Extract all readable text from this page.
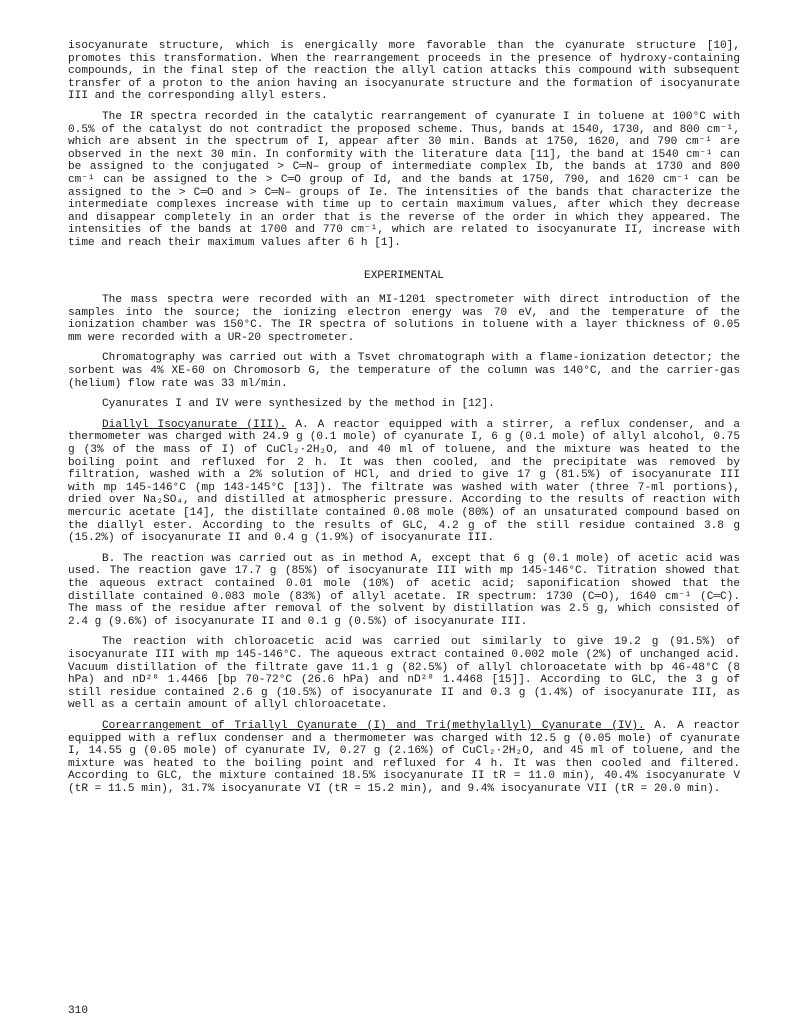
isocyanurate structure, which is energically more favorable than the cyanurate structure [10], promotes this transformation. When the rearrangement proceeds in the presence of hydroxy-containing compounds, in the final step of the reaction the allyl cation attacks this compound with subsequent transfer of a proton to the anion having an isocyanurate structure and the formation of isocyanurate III and the corresponding allyl esters.

The IR spectra recorded in the catalytic rearrangement of cyanurate I in toluene at 100°C with 0.5% of the catalyst do not contradict the proposed scheme. Thus, bands at 1540, 1730, and 800 cm⁻¹, which are absent in the spectrum of I, appear after 30 min. Bands at 1750, 1620, and 790 cm⁻¹ are observed in the next 30 min. In conformity with the literature data [11], the band at 1540 cm⁻¹ can be assigned to the conjugated > C═N– group of intermediate complex Ib, the bands at 1730 and 800 cm⁻¹ can be assigned to the > C═O group of Id, and the bands at 1750, 790, and 1620 cm⁻¹ can be assigned to the > C═O and > C═N– groups of Ie. The intensities of the bands that characterize the intermediate complexes increase with time up to certain maximum values, after which they decrease and disappear completely in an order that is the reverse of the order in which they appeared. The intensities of the bands at 1700 and 770 cm⁻¹, which are related to isocyanurate II, increase with time and reach their maximum values after 6 h [1].

EXPERIMENTAL

The mass spectra were recorded with an MI-1201 spectrometer with direct introduction of the samples into the source; the ionizing electron energy was 70 eV, and the temperature of the ionization chamber was 150°C. The IR spectra of solutions in toluene with a layer thickness of 0.05 mm were recorded with a UR-20 spectrometer.

Chromatography was carried out with a Tsvet chromatograph with a flame-ionization detector; the sorbent was 4% XE-60 on Chromosorb G, the temperature of the column was 140°C, and the carrier-gas (helium) flow rate was 33 ml/min.

Cyanurates I and IV were synthesized by the method in [12].

Diallyl Isocyanurate (III). A. A reactor equipped with a stirrer, a reflux condenser, and a thermometer was charged with 24.9 g (0.1 mole) of cyanurate I, 6 g (0.1 mole) of allyl alcohol, 0.75 g (3% of the mass of I) of CuCl₂·2H₂O, and 40 ml of toluene, and the mixture was heated to the boiling point and refluxed for 2 h. It was then cooled, and the precipitate was removed by filtration, washed with a 2% solution of HCl, and dried to give 17 g (81.5%) of isocyanurate III with mp 145-146°C (mp 143-145°C [13]). The filtrate was washed with water (three 7-ml portions), dried over Na₂SO₄, and distilled at atmospheric pressure. According to the results of reaction with mercuric acetate [14], the distillate contained 0.08 mole (80%) of an unsaturated compound based on the diallyl ester. According to the results of GLC, 4.2 g of the still residue contained 3.8 g (15.2%) of isocyanurate II and 0.4 g (1.9%) of isocyanurate III.

B. The reaction was carried out as in method A, except that 6 g (0.1 mole) of acetic acid was used. The reaction gave 17.7 g (85%) of isocyanurate III with mp 145-146°C. Titration showed that the aqueous extract contained 0.01 mole (10%) of acetic acid; saponification showed that the distillate contained 0.083 mole (83%) of allyl acetate. IR spectrum: 1730 (C═O), 1640 cm⁻¹ (C═C). The mass of the residue after removal of the solvent by distillation was 2.5 g, which consisted of 2.4 g (9.6%) of isocyanurate II and 0.1 g (0.5%) of isocyanurate III.

The reaction with chloroacetic acid was carried out similarly to give 19.2 g (91.5%) of isocyanurate III with mp 145-146°C. The aqueous extract contained 0.002 mole (2%) of unchanged acid. Vacuum distillation of the filtrate gave 11.1 g (82.5%) of allyl chloroacetate with bp 46-48°C (8 hPa) and nD²⁰ 1.4466 [bp 70-72°C (26.6 hPa) and nD²⁰ 1.4468 [15]]. According to GLC, the 3 g of still residue contained 2.6 g (10.5%) of isocyanurate II and 0.3 g (1.4%) of isocyanurate III, as well as a certain amount of allyl chloroacetate.

Corearrangement of Triallyl Cyanurate (I) and Tri(methylallyl) Cyanurate (IV). A. A reactor equipped with a reflux condenser and a thermometer was charged with 12.5 g (0.05 mole) of cyanurate I, 14.55 g (0.05 mole) of cyanurate IV, 0.27 g (2.16%) of CuCl₂·2H₂O, and 45 ml of toluene, and the mixture was heated to the boiling point and refluxed for 4 h. It was then cooled and filtered. According to GLC, the mixture contained 18.5% isocyanurate II tR = 11.0 min), 40.4% isocyanurate V (tR = 11.5 min), 31.7% isocyanurate VI (tR = 15.2 min), and 9.4% isocyanurate VII (tR = 20.0 min).

310
